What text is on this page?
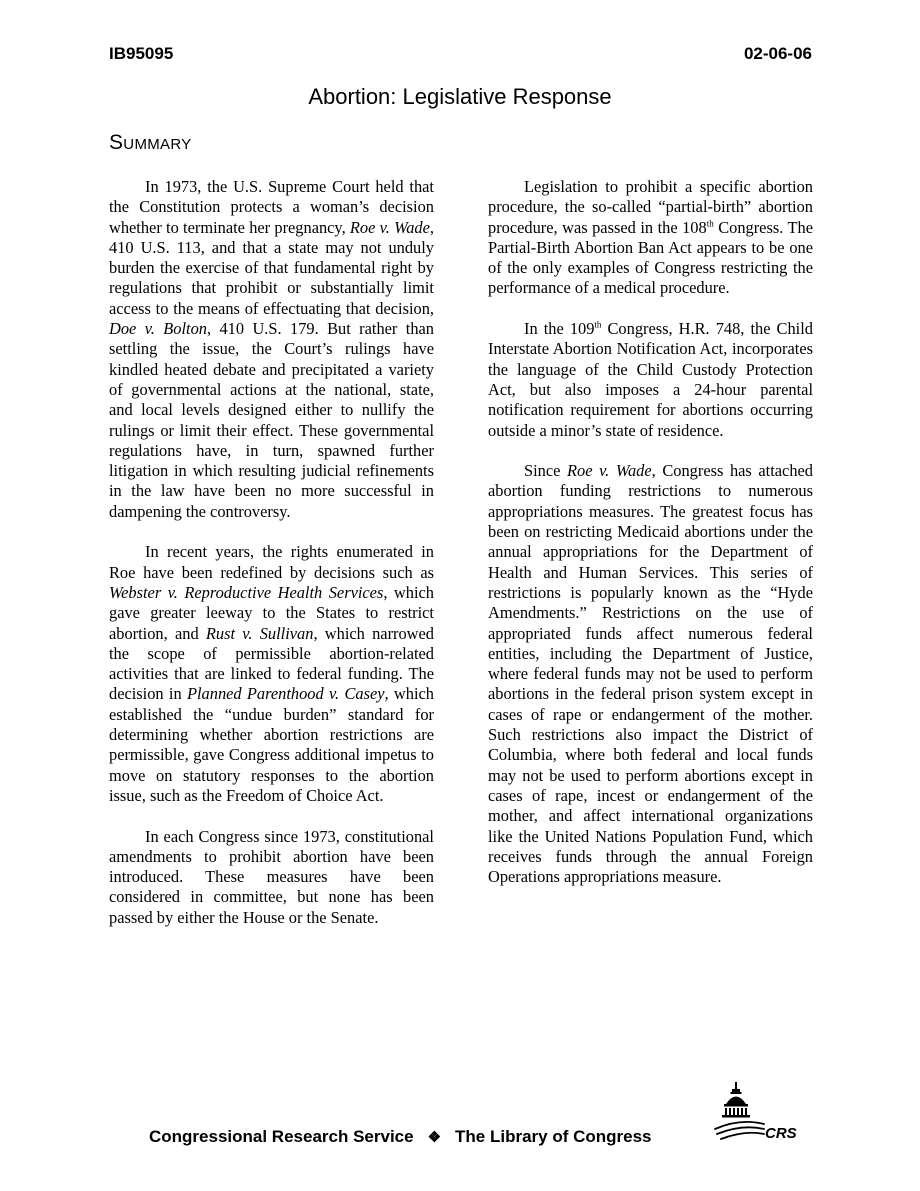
IB95095	02-06-06
Abortion: Legislative Response
Summary

In 1973, the U.S. Supreme Court held that the Constitution protects a woman’s decision whether to terminate her pregnancy, Roe v. Wade, 410 U.S. 113, and that a state may not unduly burden the exercise of that fundamental right by regulations that prohibit or substantially limit access to the means of effectuating that decision, Doe v. Bolton, 410 U.S. 179. But rather than settling the issue, the Court’s rulings have kindled heated debate and precipitated a variety of governmental actions at the national, state, and local levels designed either to nullify the rulings or limit their effect. These governmental regulations have, in turn, spawned further litigation in which resulting judicial refinements in the law have been no more successful in dampening the controversy.

In recent years, the rights enumerated in Roe have been redefined by decisions such as Webster v. Reproductive Health Services, which gave greater leeway to the States to restrict abortion, and Rust v. Sullivan, which narrowed the scope of permissible abortion-related activities that are linked to federal funding. The decision in Planned Parenthood v. Casey, which established the “undue burden” standard for determining whether abortion restrictions are permissible, gave Congress additional impetus to move on statutory responses to the abortion issue, such as the Freedom of Choice Act.

In each Congress since 1973, constitutional amendments to prohibit abortion have been introduced. These measures have been considered in committee, but none has been passed by either the House or the Senate.

Legislation to prohibit a specific abortion procedure, the so-called “partial-birth” abortion procedure, was passed in the 108th Congress. The Partial-Birth Abortion Ban Act appears to be one of the only examples of Congress restricting the performance of a medical procedure.

In the 109th Congress, H.R. 748, the Child Interstate Abortion Notification Act, incorporates the language of the Child Custody Protection Act, but also imposes a 24-hour parental notification requirement for abortions occurring outside a minor’s state of residence.

Since Roe v. Wade, Congress has attached abortion funding restrictions to numerous appropriations measures. The greatest focus has been on restricting Medicaid abortions under the annual appropriations for the Department of Health and Human Services. This series of restrictions is popularly known as the “Hyde Amendments.” Restrictions on the use of appropriated funds affect numerous federal entities, including the Department of Justice, where federal funds may not be used to perform abortions in the federal prison system except in cases of rape or endangerment of the mother. Such restrictions also impact the District of Columbia, where both federal and local funds may not be used to perform abortions except in cases of rape, incest or endangerment of the mother, and affect international organizations like the United Nations Population Fund, which receives funds through the annual Foreign Operations appropriations measure.

Congressional Research Service ❖ The Library of Congress	CRS
